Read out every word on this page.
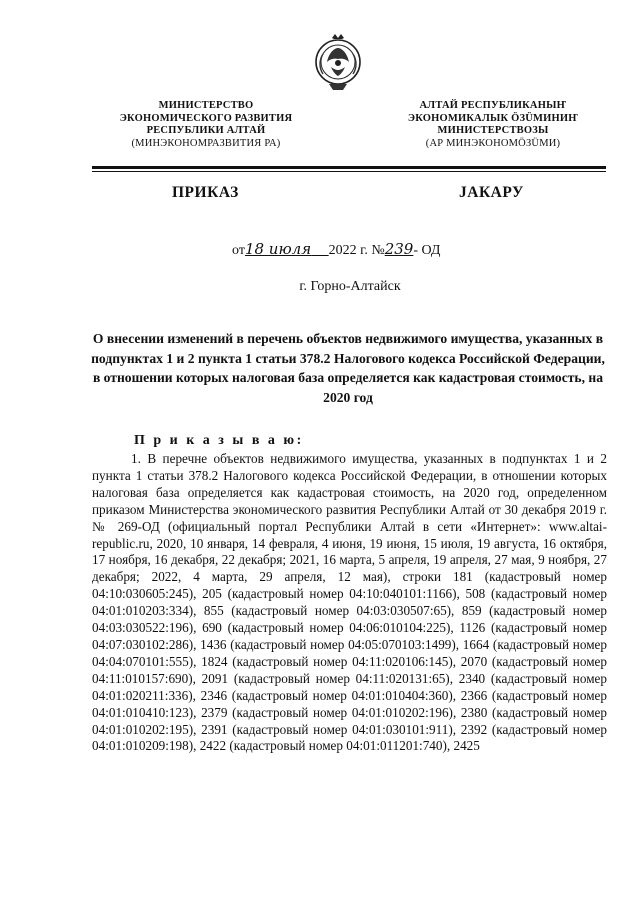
МИНИСТЕРСТВО
ЭКОНОМИЧЕСКОГО РАЗВИТИЯ
РЕСПУБЛИКИ АЛТАЙ
(МИНЭКОНОМРАЗВИТИЯ РА)
АЛТАЙ РЕСПУБЛИКАНЫҤ
ЭКОНОМИКАЛЫК ÖЗÜМИНИҤ
МИНИСТЕРСТВОЗЫ
(АР МИНЭКОНОМÖЗÜМИ)
ПРИКАЗ	ЈАКАРУ
от18 июля 2022 г. №239- ОД
г. Горно-Алтайск
О внесении изменений в перечень объектов недвижимого имущества, указанных в подпунктах 1 и 2 пункта 1 статьи 378.2 Налогового кодекса Российской Федерации, в отношении которых налоговая база определяется как кадастровая стоимость, на 2020 год
П р и к а з ы в а ю:
1. В перечне объектов недвижимого имущества, указанных в подпунктах 1 и 2 пункта 1 статьи 378.2 Налогового кодекса Российской Федерации, в отношении которых налоговая база определяется как кадастровая стоимость, на 2020 год, определенном приказом Министерства экономического развития Республики Алтай от 30 декабря 2019 г. № 269-ОД (официальный портал Республики Алтай в сети «Интернет»: www.altai-republic.ru, 2020, 10 января, 14 февраля, 4 июня, 19 июня, 15 июля, 19 августа, 16 октября, 17 ноября, 16 декабря, 22 декабря; 2021, 16 марта, 5 апреля, 19 апреля, 27 мая, 9 ноября, 27 декабря; 2022, 4 марта, 29 апреля, 12 мая), строки 181 (кадастровый номер 04:10:030605:245), 205 (кадастровый номер 04:10:040101:1166), 508 (кадастровый номер 04:01:010203:334), 855 (кадастровый номер 04:03:030507:65), 859 (кадастровый номер 04:03:030522:196), 690 (кадастровый номер 04:06:010104:225), 1126 (кадастровый номер 04:07:030102:286), 1436 (кадастровый номер 04:05:070103:1499), 1664 (кадастровый номер 04:04:070101:555), 1824 (кадастровый номер 04:11:020106:145), 2070 (кадастровый номер 04:11:010157:690), 2091 (кадастровый номер 04:11:020131:65), 2340 (кадастровый номер 04:01:020211:336), 2346 (кадастровый номер 04:01:010404:360), 2366 (кадастровый номер 04:01:010410:123), 2379 (кадастровый номер 04:01:010202:196), 2380 (кадастровый номер 04:01:010202:195), 2391 (кадастровый номер 04:01:030101:911), 2392 (кадастровый номер 04:01:010209:198), 2422 (кадастровый номер 04:01:011201:740), 2425
